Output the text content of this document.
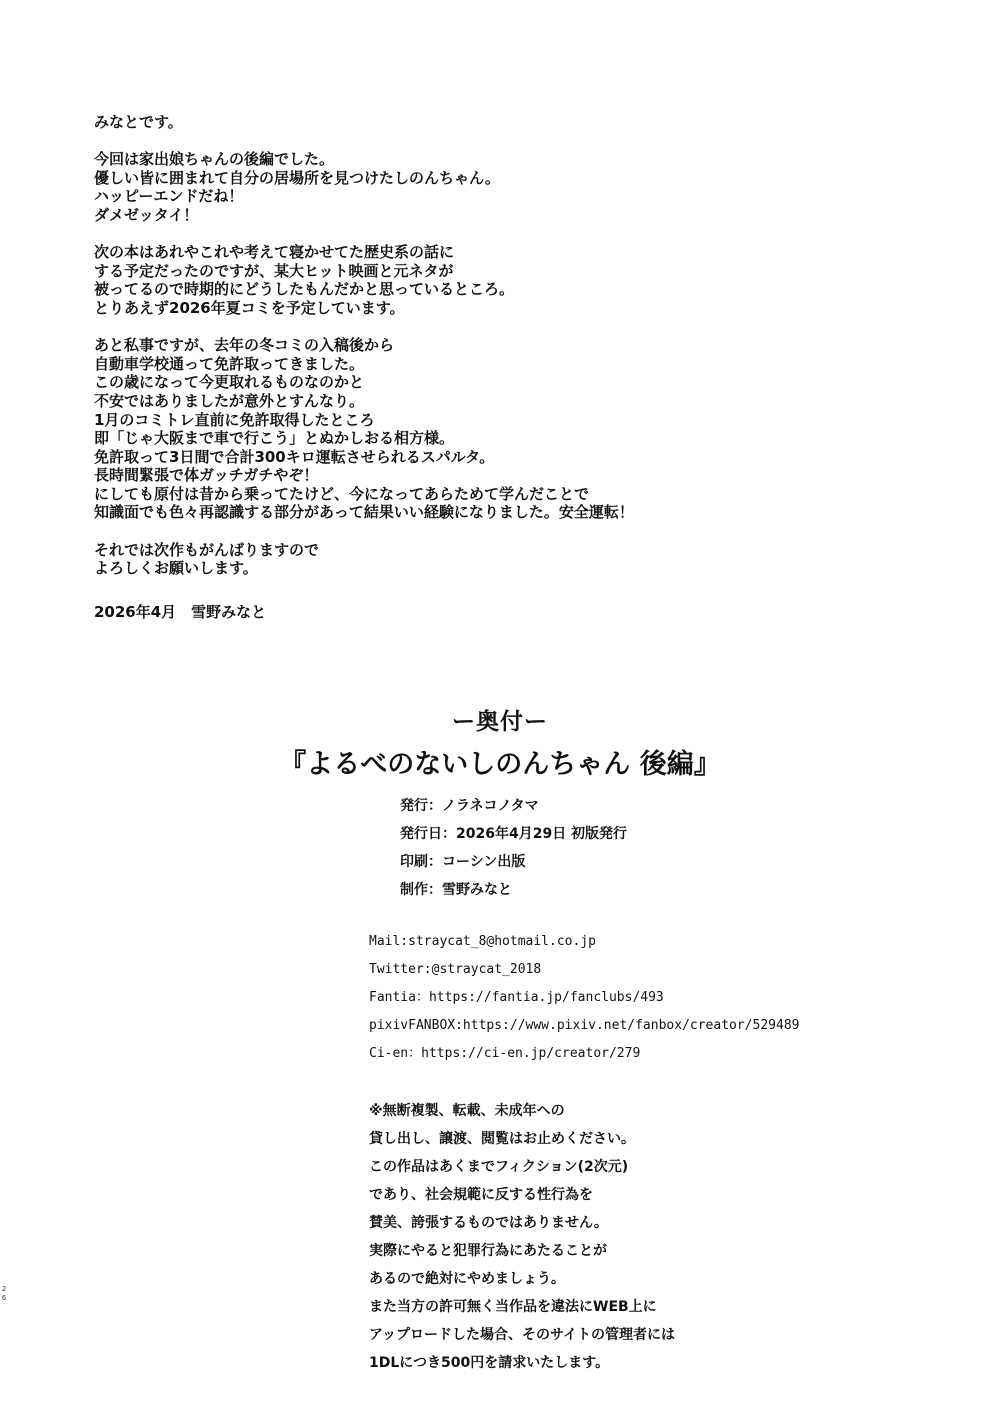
みなとです。
今回は家出娘ちゃんの後編でした。
優しい皆に囲まれて自分の居場所を見つけたしのんちゃん。
ハッピーエンドだね！
ダメゼッタイ！
次の本はあれやこれや考えて寝かせてた歴史系の話に
する予定だったのですが、某大ヒット映画と元ネタが
被ってるので時期的にどうしたもんだかと思っているところ。
とりあえず2026年夏コミを予定しています。
あと私事ですが、去年の冬コミの入稿後から
自動車学校通って免許取ってきました。
この歳になって今更取れるものなのかと
不安ではありましたが意外とすんなり。
1月のコミトレ直前に免許取得したところ
即「じゃ大阪まで車で行こう」とぬかしおる相方様。
免許取って3日間で合計300キロ運転させられるスパルタ。
長時間緊張で体ガッチガチやぞ！
にしても原付は昔から乗ってたけど、今になってあらためて学んだことで
知識面でも色々再認識する部分があって結果いい経験になりました。安全運転！
それでは次作もがんばりますので
よろしくお願いします。
2026年4月　雪野みなと
ー奥付ー
『よるべのないしのんちゃん 後編』
発行：ノラネコノタマ
発行日：2026年4月29日 初版発行
印刷：コーシン出版
制作：雪野みなと
Mail:straycat_8@hotmail.co.jp
Twitter:@straycat_2018
Fantia：https://fantia.jp/fanclubs/493
pixivFANBOX:https://www.pixiv.net/fanbox/creator/529489
Ci-en：https://ci-en.jp/creator/279
※無断複製、転載、未成年への
貸し出し、譲渡、閲覧はお止めください。
この作品はあくまでフィクション(2次元)
であり、社会規範に反する性行為を
賛美、誇張するものではありません。
実際にやると犯罪行為にあたることが
あるので絶対にやめましょう。
また当方の許可無く当作品を違法にWEB上に
アップロードした場合、そのサイトの管理者には
1DLにつき500円を請求いたします。
2
6
